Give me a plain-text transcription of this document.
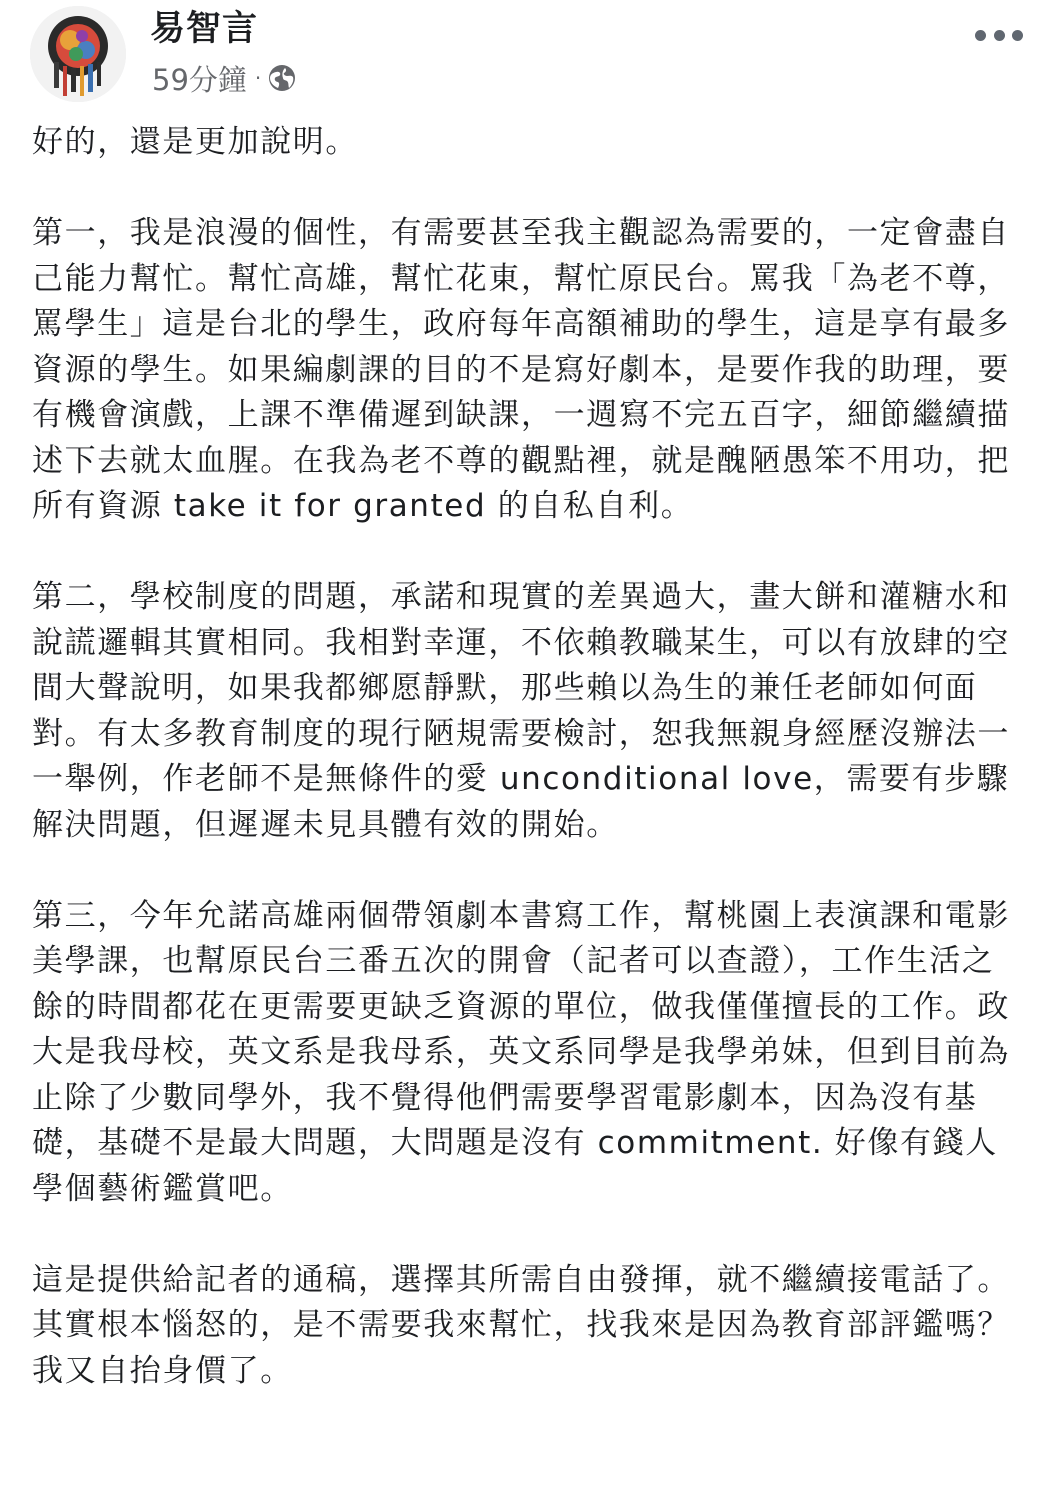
易智言
59分鐘 ·

好的，還是更加說明。

第一，我是浪漫的個性，有需要甚至我主觀認為需要的，一定會盡自己能力幫忙。幫忙高雄，幫忙花東，幫忙原民台。罵我「為老不尊，罵學生」這是台北的學生，政府每年高額補助的學生，這是享有最多資源的學生。如果編劇課的目的不是寫好劇本，是要作我的助理，要有機會演戲，上課不準備遲到缺課，一週寫不完五百字，細節繼續描述下去就太血腥。在我為老不尊的觀點裡，就是醜陋愚笨不用功，把所有資源 take it for granted 的自私自利。

第二，學校制度的問題，承諾和現實的差異過大，畫大餅和灌糖水和說謊邏輯其實相同。我相對幸運，不依賴教職某生，可以有放肆的空間大聲說明，如果我都鄉愿靜默，那些賴以為生的兼任老師如何面對。有太多教育制度的現行陋規需要檢討，恕我無親身經歷沒辦法一一舉例，作老師不是無條件的愛 unconditional love，需要有步驟解決問題，但遲遲未見具體有效的開始。

第三，今年允諾高雄兩個帶領劇本書寫工作，幫桃園上表演課和電影美學課，也幫原民台三番五次的開會（記者可以查證），工作生活之餘的時間都花在更需要更缺乏資源的單位，做我僅僅擅長的工作。政大是我母校，英文系是我母系，英文系同學是我學弟妹，但到目前為止除了少數同學外，我不覺得他們需要學習電影劇本，因為沒有基礎，基礎不是最大問題，大問題是沒有 commitment. 好像有錢人學個藝術鑑賞吧。

這是提供給記者的通稿，選擇其所需自由發揮，就不繼續接電話了。其實根本惱怒的，是不需要我來幫忙，找我來是因為教育部評鑑嗎？我又自抬身價了。
